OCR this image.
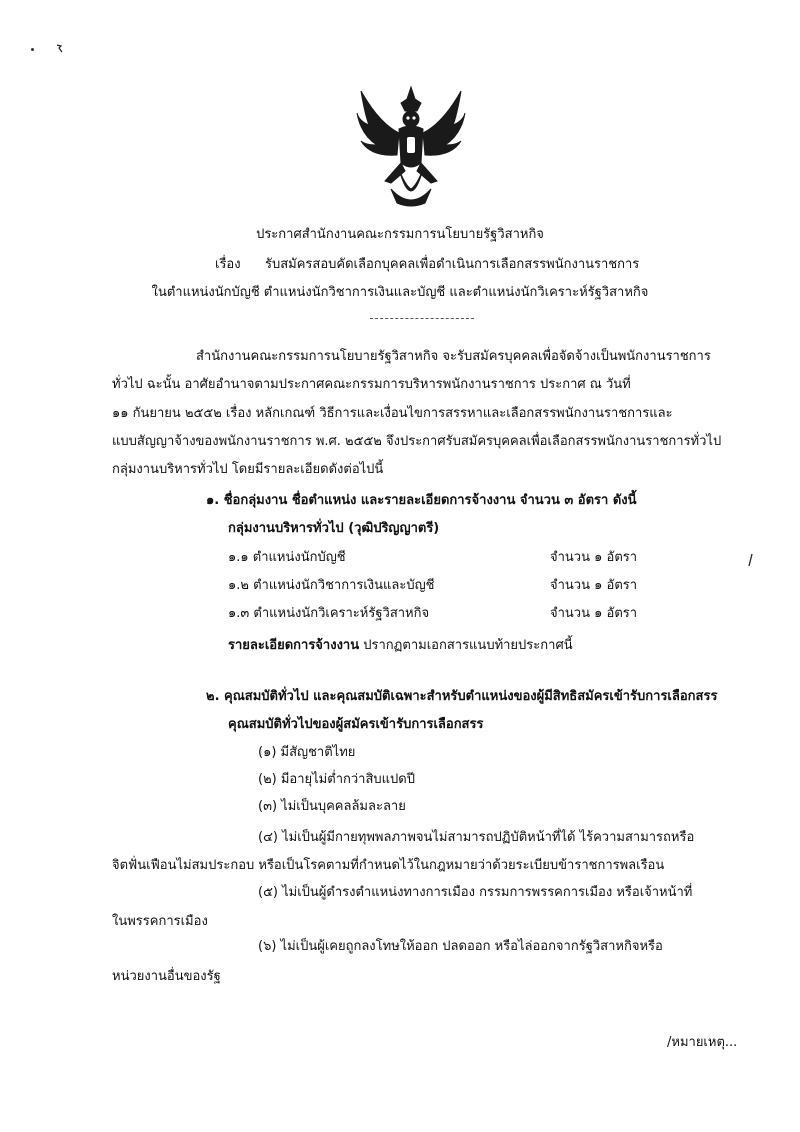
ประกาศสำนักงานคณะกรรมการนโยบายรัฐวิสาหกิจ
เรื่อง รับสมัครสอบคัดเลือกบุคคลเพื่อดำเนินการเลือกสรรพนักงานราชการ
ในตำแหน่งนักบัญชี ตำแหน่งนักวิชาการเงินและบัญชี และตำแหน่งนักวิเคราะห์รัฐวิสาหกิจ
สำนักงานคณะกรรมการนโยบายรัฐวิสาหกิจ จะรับสมัครบุคคลเพื่อจัดจ้างเป็นพนักงานราชการ
ทั่วไป ฉะนั้น อาศัยอำนาจตามประกาศคณะกรรมการบริหารพนักงานราชการ ประกาศ ณ วันที่
๑๑ กันยายน ๒๕๕๒ เรื่อง หลักเกณฑ์ วิธีการและเงื่อนไขการสรรหาและเลือกสรรพนักงานราชการและ
แบบสัญญาจ้างของพนักงานราชการ พ.ศ. ๒๕๕๒ จึงประกาศรับสมัครบุคคลเพื่อเลือกสรรพนักงานราชการทั่วไป
กลุ่มงานบริหารทั่วไป โดยมีรายละเอียดดังต่อไปนี้
๑. ชื่อกลุ่มงาน ชื่อตำแหน่ง และรายละเอียดการจ้างงาน จำนวน ๓ อัตรา ดังนี้
กลุ่มงานบริหารทั่วไป (วุฒิปริญญาตรี)
๑.๑ ตำแหน่งนักบัญชี	จำนวน ๑ อัตรา
๑.๒ ตำแหน่งนักวิชาการเงินและบัญชี	จำนวน ๑ อัตรา
๑.๓ ตำแหน่งนักวิเคราะห์รัฐวิสาหกิจ	จำนวน ๑ อัตรา
รายละเอียดการจ้างงาน ปรากฏตามเอกสารแนบท้ายประกาศนี้
๒. คุณสมบัติทั่วไป และคุณสมบัติเฉพาะสำหรับตำแหน่งของผู้มีสิทธิสมัครเข้ารับการเลือกสรร
คุณสมบัติทั่วไปของผู้สมัครเข้ารับการเลือกสรร
(๑) มีสัญชาติไทย
(๒) มีอายุไม่ต่ำกว่าสิบแปดปี
(๓) ไม่เป็นบุคคลล้มละลาย
(๔) ไม่เป็นผู้มีกายทุพพลภาพจนไม่สามารถปฏิบัติหน้าที่ได้ ไร้ความสามารถหรือ
จิตฟั่นเฟือนไม่สมประกอบ หรือเป็นโรคตามที่กำหนดไว้ในกฎหมายว่าด้วยระเบียบข้าราชการพลเรือน
(๕) ไม่เป็นผู้ดำรงตำแหน่งทางการเมือง กรรมการพรรคการเมือง หรือเจ้าหน้าที่
ในพรรคการเมือง
(๖) ไม่เป็นผู้เคยถูกลงโทษให้ออก ปลดออก หรือไล่ออกจากรัฐวิสาหกิจหรือ
หน่วยงานอื่นของรัฐ
/หมายเหตุ...
